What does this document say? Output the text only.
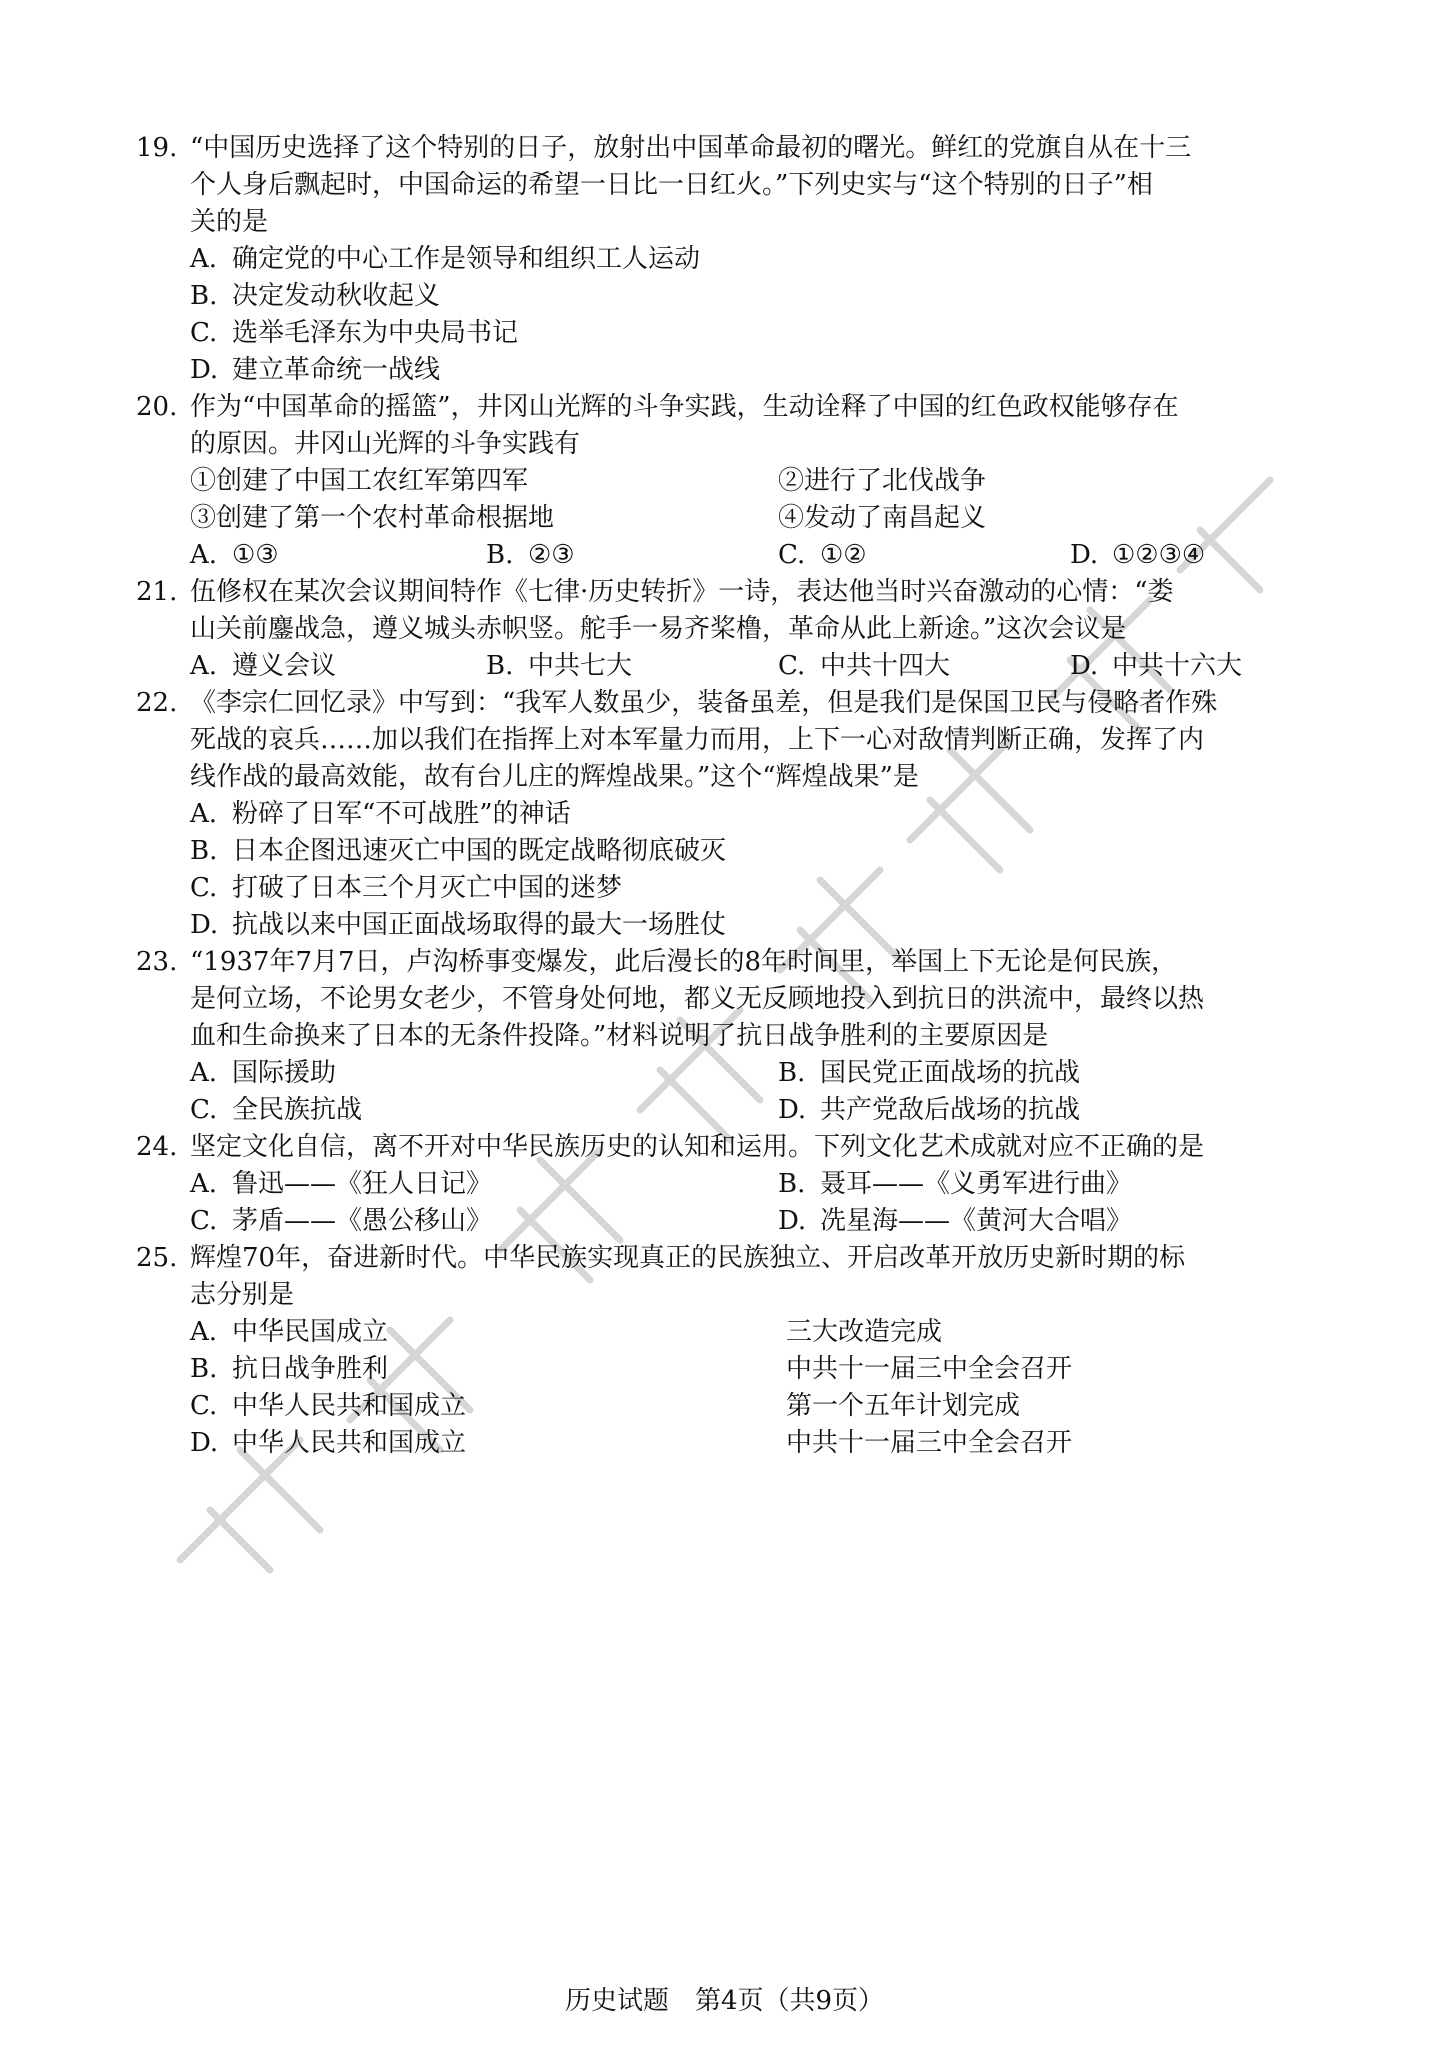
19. “中国历史选择了这个特别的日子，放射出中国革命最初的曙光。鲜红的党旗自从在十三
个人身后飘起时，中国命运的希望一日比一日红火。”下列史实与“这个特别的日子”相
关的是
A. 确定党的中心工作是领导和组织工人运动
B. 决定发动秋收起义
C. 选举毛泽东为中央局书记
D. 建立革命统一战线
20. 作为“中国革命的摇篮”，井冈山光辉的斗争实践，生动诠释了中国的红色政权能够存在
的原因。井冈山光辉的斗争实践有
①创建了中国工农红军第四军	②进行了北伐战争
③创建了第一个农村革命根据地	④发动了南昌起义
A. ①③	B. ②③	C. ①②	D. ①②③④
21. 伍修权在某次会议期间特作《七律·历史转折》一诗，表达他当时兴奋激动的心情：“娄
山关前鏖战急，遵义城头赤帜竖。舵手一易齐桨橹，革命从此上新途。”这次会议是
A. 遵义会议	B. 中共七大	C. 中共十四大	D. 中共十六大
22. 《李宗仁回忆录》中写到：“我军人数虽少，装备虽差，但是我们是保国卫民与侵略者作殊
死战的哀兵……加以我们在指挥上对本军量力而用，上下一心对敌情判断正确，发挥了内
线作战的最高效能，故有台儿庄的辉煌战果。”这个“辉煌战果”是
A. 粉碎了日军“不可战胜”的神话
B. 日本企图迅速灭亡中国的既定战略彻底破灭
C. 打破了日本三个月灭亡中国的迷梦
D. 抗战以来中国正面战场取得的最大一场胜仗
23. “1937年7月7日，卢沟桥事变爆发，此后漫长的8年时间里，举国上下无论是何民族，
是何立场，不论男女老少，不管身处何地，都义无反顾地投入到抗日的洪流中，最终以热
血和生命换来了日本的无条件投降。”材料说明了抗日战争胜利的主要原因是
A. 国际援助	B. 国民党正面战场的抗战
C. 全民族抗战	D. 共产党敌后战场的抗战
24. 坚定文化自信，离不开对中华民族历史的认知和运用。下列文化艺术成就对应不正确的是
A. 鲁迅——《狂人日记》	B. 聂耳——《义勇军进行曲》
C. 茅盾——《愚公移山》	D. 冼星海——《黄河大合唱》
25. 辉煌70年，奋进新时代。中华民族实现真正的民族独立、开启改革开放历史新时期的标
志分别是
A. 中华民国成立	三大改造完成
B. 抗日战争胜利	中共十一届三中全会召开
C. 中华人民共和国成立	第一个五年计划完成
D. 中华人民共和国成立	中共十一届三中全会召开
历史试题　第4页（共9页）
